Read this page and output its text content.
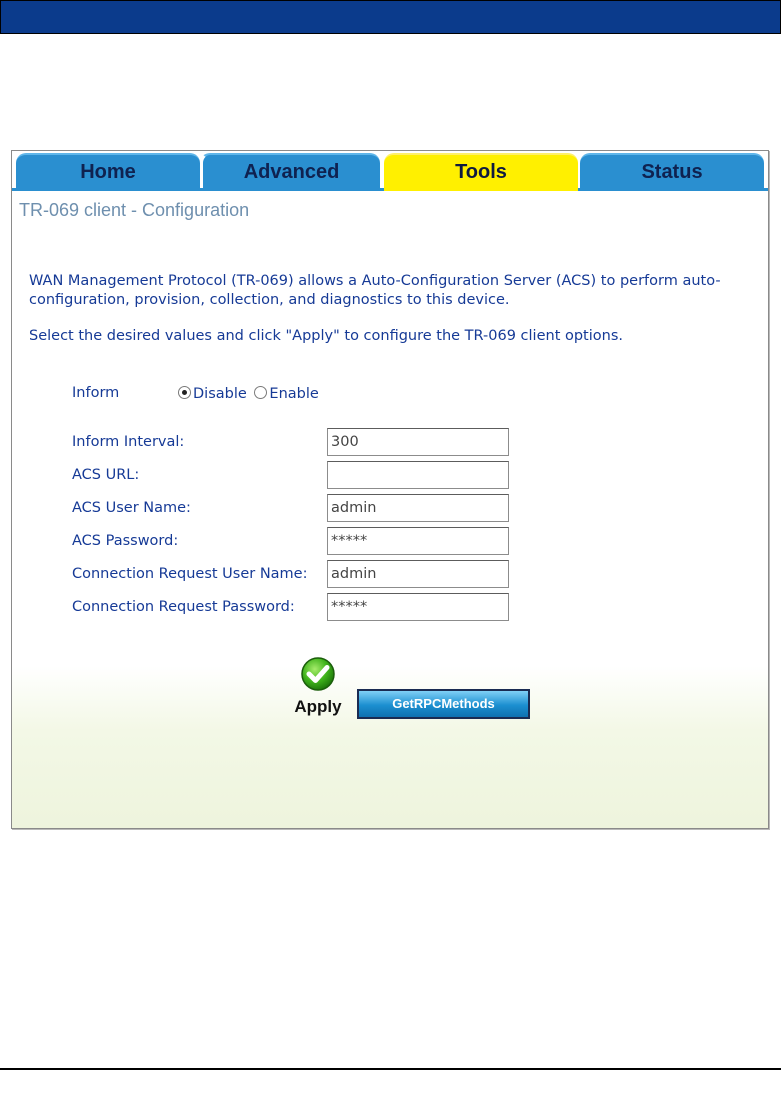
Home	Advanced	Tools	Status
TR-069 client - Configuration
WAN Management Protocol (TR-069) allows a Auto-Configuration Server (ACS) to perform auto-configuration, provision, collection, and diagnostics to this device.
Select the desired values and click "Apply" to configure the TR-069 client options.
Inform	Disable Enable
Inform Interval:	300
ACS URL:
ACS User Name:	admin
ACS Password:	*****
Connection Request User Name: admin
Connection Request Password: *****
Apply	GetRPCMethods
